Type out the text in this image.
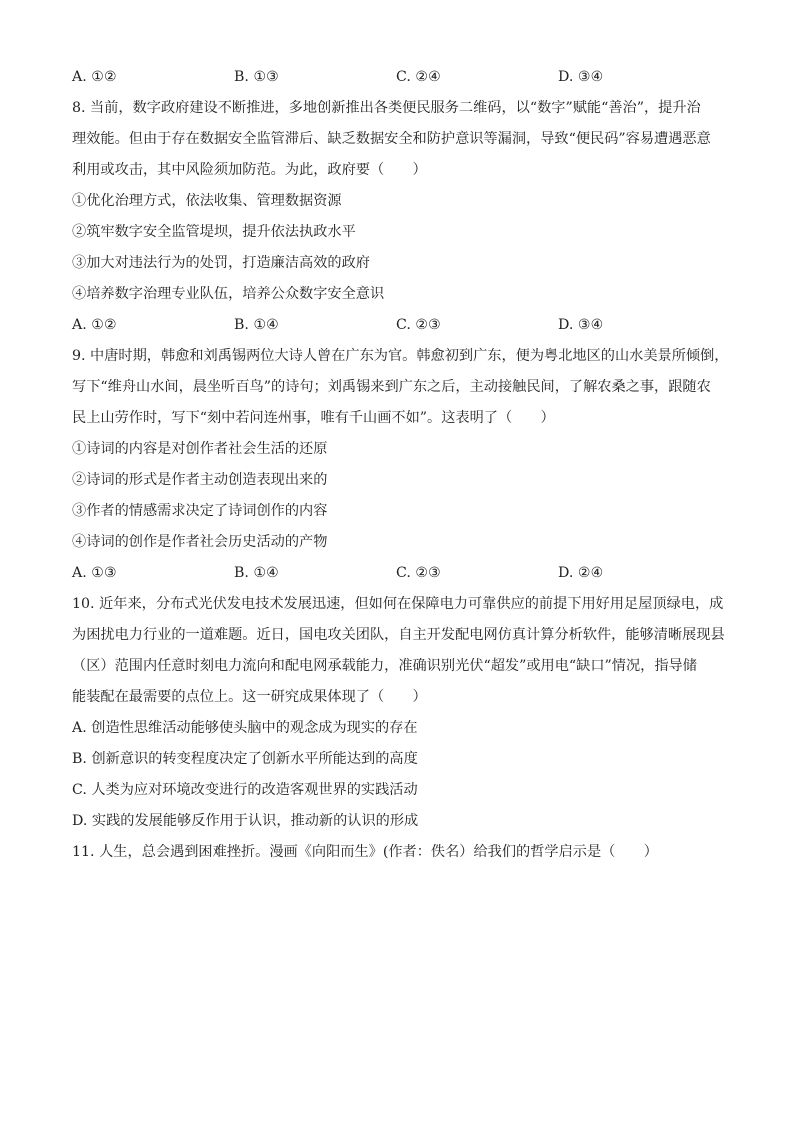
A. ①②	B. ①③	C. ②④	D. ③④
8. 当前，数字政府建设不断推进，多地创新推出各类便民服务二维码，以“数字”赋能“善治”，提升治
理效能。但由于存在数据安全监管滞后、缺乏数据安全和防护意识等漏洞，导致“便民码”容易遭遇恶意
利用或攻击，其中风险须加防范。为此，政府要（　　）
①优化治理方式，依法收集、管理数据资源
②筑牢数字安全监管堤坝，提升依法执政水平
③加大对违法行为的处罚，打造廉洁高效的政府
④培养数字治理专业队伍，培养公众数字安全意识
A. ①②	B. ①④	C. ②③	D. ③④
9. 中唐时期，韩愈和刘禹锡两位大诗人曾在广东为官。韩愈初到广东，便为粤北地区的山水美景所倾倒，
写下“维舟山水间，晨坐听百鸟”的诗句；刘禹锡来到广东之后，主动接触民间，了解农桑之事，跟随农
民上山劳作时，写下“刻中若问连州事，唯有千山画不如”。这表明了（　　）
①诗词的内容是对创作者社会生活的还原
②诗词的形式是作者主动创造表现出来的
③作者的情感需求决定了诗词创作的内容
④诗词的创作是作者社会历史活动的产物
A. ①③	B. ①④	C. ②③	D. ②④
10. 近年来，分布式光伏发电技术发展迅速，但如何在保障电力可靠供应的前提下用好用足屋顶绿电，成
为困扰电力行业的一道难题。近日，国电攻关团队，自主开发配电网仿真计算分析软件，能够清晰展现县
（区）范围内任意时刻电力流向和配电网承载能力，准确识别光伏“超发”或用电“缺口”情况，指导储
能装配在最需要的点位上。这一研究成果体现了（　　）
A. 创造性思维活动能够使头脑中的观念成为现实的存在
B. 创新意识的转变程度决定了创新水平所能达到的高度
C. 人类为应对环境改变进行的改造客观世界的实践活动
D. 实践的发展能够反作用于认识，推动新的认识的形成
11. 人生，总会遇到困难挫折。漫画《向阳而生》(作者：佚名）给我们的哲学启示是（　　）
